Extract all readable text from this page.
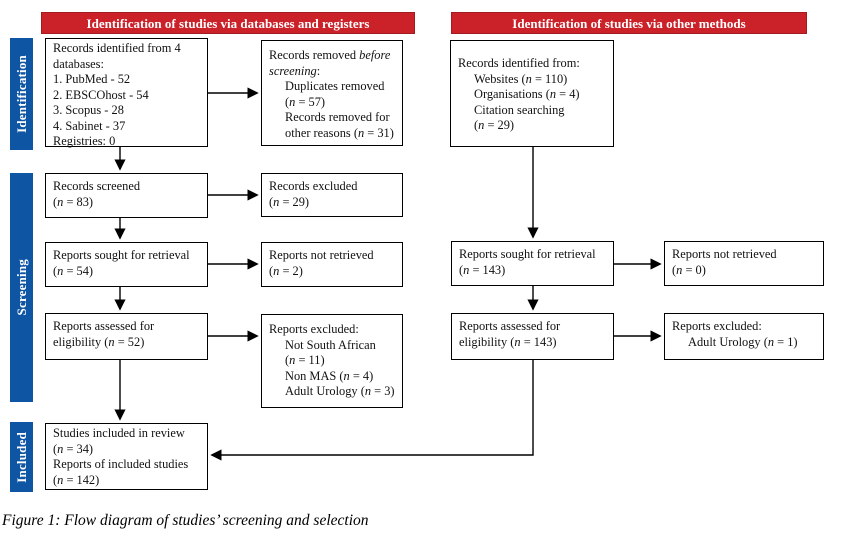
Identification of studies via databases and registers	Identification of studies via other methods
Identification
Screening
Included
Records identified from 4
databases:
1. PubMed - 52
2. EBSCOhost - 54
3. Scopus - 28
4. Sabinet - 37
Registries: 0
Records removed before
screening:
Duplicates removed
(n = 57)
Records removed for
other reasons (n = 31)
Records screened
(n = 83)
Records excluded
(n = 29)
Reports sought for retrieval
(n = 54)
Reports not retrieved
(n = 2)
Reports assessed for
eligibility (n = 52)
Reports excluded:
Not South African
(n = 11)
Non MAS (n = 4)
Adult Urology (n = 3)
Studies included in review
(n = 34)
Reports of included studies
(n = 142)
Records identified from:
Websites (n = 110)
Organisations (n = 4)
Citation searching
(n = 29)
Reports sought for retrieval
(n = 143)
Reports not retrieved
(n = 0)
Reports assessed for
eligibility (n = 143)
Reports excluded:
Adult Urology (n = 1)
Figure 1: Flow diagram of studies’ screening and selection
